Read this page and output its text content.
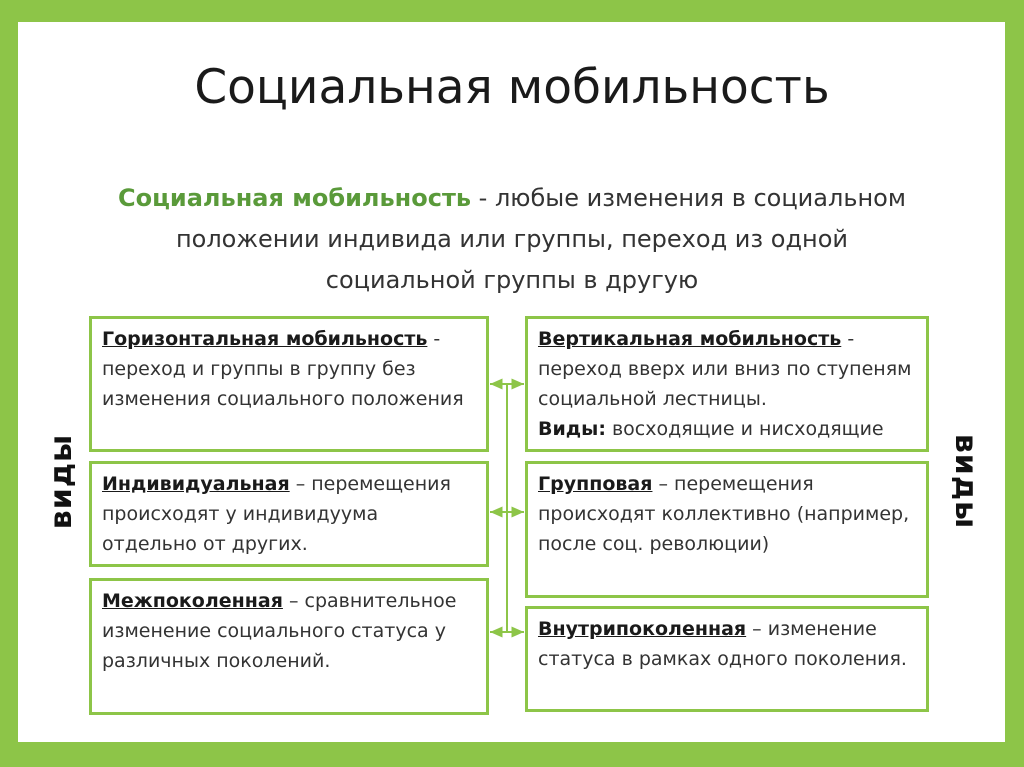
Социальная мобильность
Социальная мобильность - любые изменения в социальном положении индивида или группы, переход из одной социальной группы в другую
виды	виды
Горизонтальная мобильность - переход и группы в группу без изменения социального положения
Индивидуальная – перемещения происходят у индивидуума отдельно от других.
Межпоколенная – сравнительное изменение социального статуса у различных поколений.
Вертикальная мобильность - переход вверх или вниз по ступеням социальной лестницы.
Виды: восходящие и нисходящие
Групповая – перемещения происходят коллективно (например, после соц. революции)
Внутрипоколенная – изменение статуса в рамках одного поколения.
